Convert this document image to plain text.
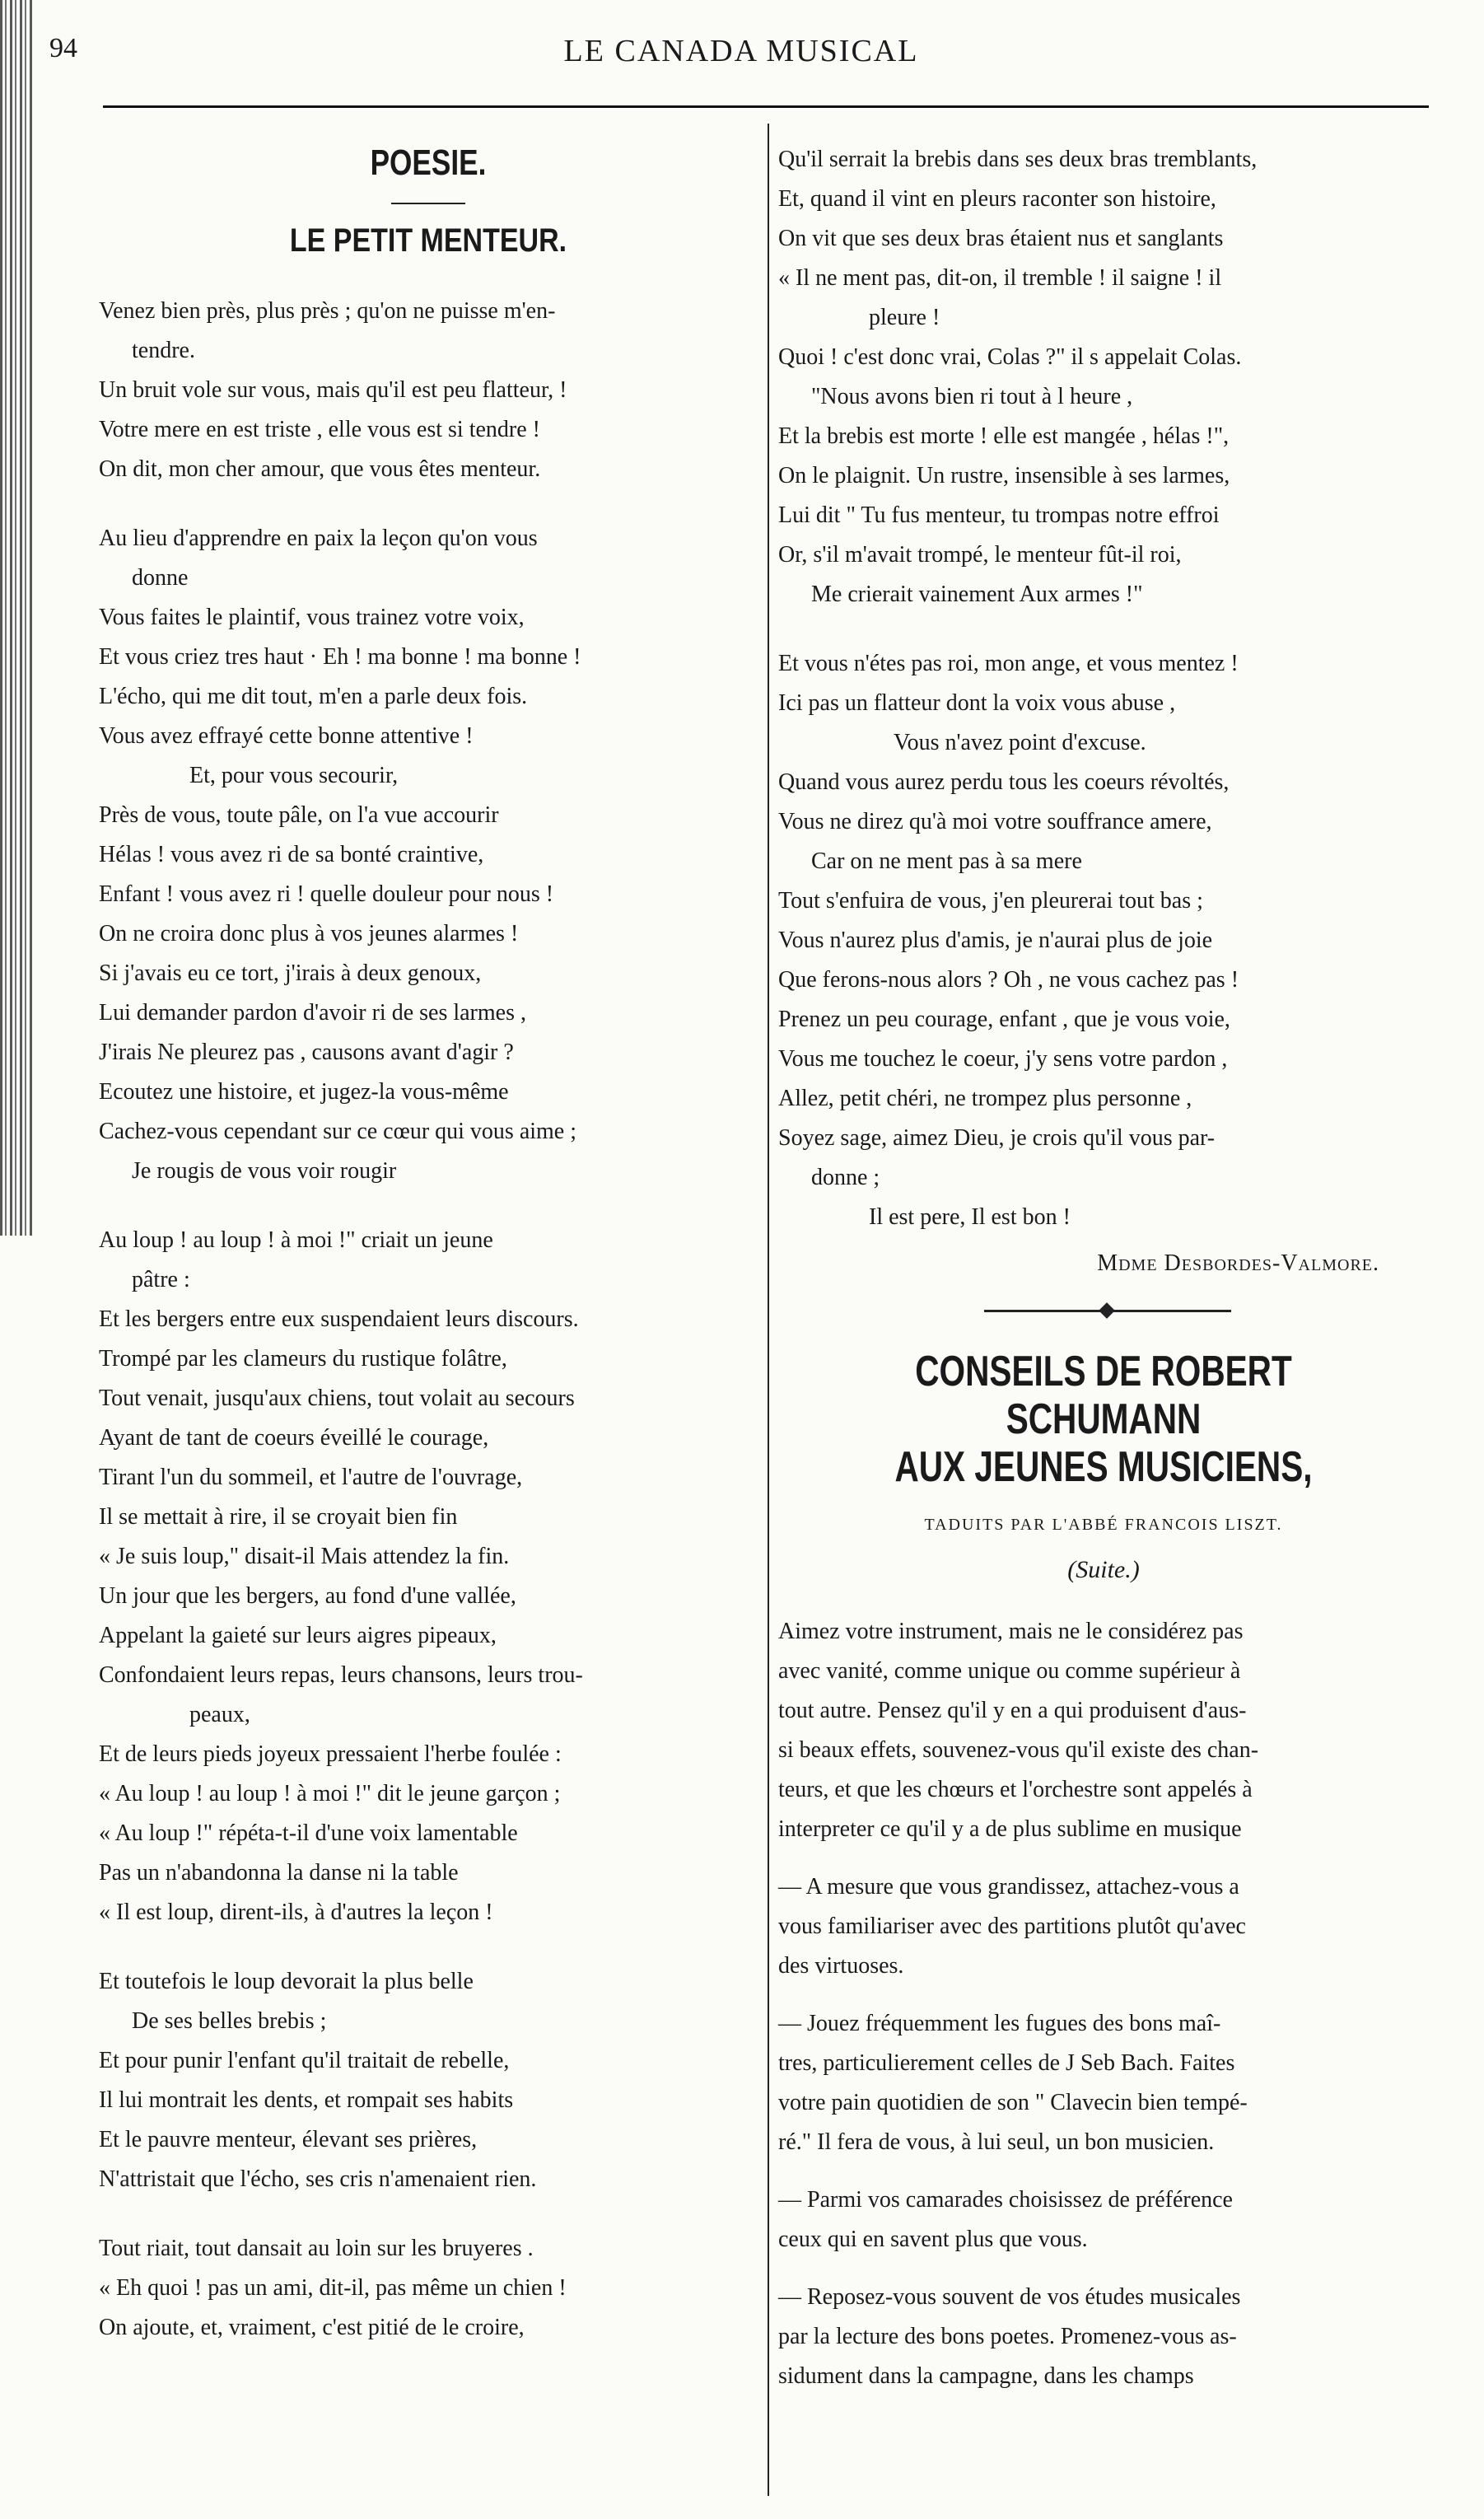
94	LE CANADA MUSICAL
POESIE.
LE PETIT MENTEUR.
Venez bien près, plus près ; qu'on ne puisse m'en-
tendre.
Un bruit vole sur vous, mais qu'il est peu flatteur, !
Votre mere en est triste , elle vous est si tendre !
On dit, mon cher amour, que vous êtes menteur.
Au lieu d'apprendre en paix la leçon qu'on vous
donne
Vous faites le plaintif, vous trainez votre voix,
Et vous criez tres haut · Eh ! ma bonne ! ma bonne !
L'écho, qui me dit tout, m'en a parle deux fois.
Vous avez effrayé cette bonne attentive !
Et, pour vous secourir,
Près de vous, toute pâle, on l'a vue accourir
Hélas ! vous avez ri de sa bonté craintive,
Enfant ! vous avez ri ! quelle douleur pour nous !
On ne croira donc plus à vos jeunes alarmes !
Si j'avais eu ce tort, j'irais à deux genoux,
Lui demander pardon d'avoir ri de ses larmes ,
J'irais Ne pleurez pas , causons avant d'agir ?
Ecoutez une histoire, et jugez-la vous-même
Cachez-vous cependant sur ce cœur qui vous aime ;
Je rougis de vous voir rougir
Au loup ! au loup ! à moi !" criait un jeune
pâtre :
Et les bergers entre eux suspendaient leurs discours.
Trompé par les clameurs du rustique folâtre,
Tout venait, jusqu'aux chiens, tout volait au secours
Ayant de tant de coeurs éveillé le courage,
Tirant l'un du sommeil, et l'autre de l'ouvrage,
Il se mettait à rire, il se croyait bien fin
« Je suis loup," disait-il Mais attendez la fin.
Un jour que les bergers, au fond d'une vallée,
Appelant la gaieté sur leurs aigres pipeaux,
Confondaient leurs repas, leurs chansons, leurs trou-
peaux,
Et de leurs pieds joyeux pressaient l'herbe foulée :
« Au loup ! au loup ! à moi !" dit le jeune garçon ;
« Au loup !" répéta-t-il d'une voix lamentable
Pas un n'abandonna la danse ni la table
« Il est loup, dirent-ils, à d'autres la leçon !
Et toutefois le loup devorait la plus belle
De ses belles brebis ;
Et pour punir l'enfant qu'il traitait de rebelle,
Il lui montrait les dents, et rompait ses habits
Et le pauvre menteur, élevant ses prières,
N'attristait que l'écho, ses cris n'amenaient rien.
Tout riait, tout dansait au loin sur les bruyeres .
« Eh quoi ! pas un ami, dit-il, pas même un chien !
On ajoute, et, vraiment, c'est pitié de le croire,
Qu'il serrait la brebis dans ses deux bras tremblants,
Et, quand il vint en pleurs raconter son histoire,
On vit que ses deux bras étaient nus et sanglants
« Il ne ment pas, dit-on, il tremble ! il saigne ! il
pleure !
Quoi ! c'est donc vrai, Colas ?" il s appelait Colas.
"Nous avons bien ri tout à l heure ,
Et la brebis est morte ! elle est mangée , hélas !",
On le plaignit. Un rustre, insensible à ses larmes,
Lui dit " Tu fus menteur, tu trompas notre effroi
Or, s'il m'avait trompé, le menteur fût-il roi,
Me crierait vainement Aux armes !"
Et vous n'étes pas roi, mon ange, et vous mentez !
Ici pas un flatteur dont la voix vous abuse ,
Vous n'avez point d'excuse.
Quand vous aurez perdu tous les coeurs révoltés,
Vous ne direz qu'à moi votre souffrance amere,
Car on ne ment pas à sa mere
Tout s'enfuira de vous, j'en pleurerai tout bas ;
Vous n'aurez plus d'amis, je n'aurai plus de joie
Que ferons-nous alors ? Oh , ne vous cachez pas !
Prenez un peu courage, enfant , que je vous voie,
Vous me touchez le coeur, j'y sens votre pardon ,
Allez, petit chéri, ne trompez plus personne ,
Soyez sage, aimez Dieu, je crois qu'il vous par-
donne ;
Il est pere, Il est bon !
Mdme Desbordes-Valmore.
CONSEILS DE ROBERT SCHUMANN
AUX JEUNES MUSICIENS,
TADUITS PAR L'ABBÉ FRANCOIS LISZT.
(Suite.)
Aimez votre instrument, mais ne le considérez pas
avec vanité, comme unique ou comme supérieur à
tout autre. Pensez qu'il y en a qui produisent d'aus-
si beaux effets, souvenez-vous qu'il existe des chan-
teurs, et que les chœurs et l'orchestre sont appelés à
interpreter ce qu'il y a de plus sublime en musique
— A mesure que vous grandissez, attachez-vous a
vous familiariser avec des partitions plutôt qu'avec
des virtuoses.
— Jouez fréquemment les fugues des bons maî-
tres, particulierement celles de J Seb Bach. Faites
votre pain quotidien de son " Clavecin bien tempé-
ré." Il fera de vous, à lui seul, un bon musicien.
— Parmi vos camarades choisissez de préférence
ceux qui en savent plus que vous.
— Reposez-vous souvent de vos études musicales
par la lecture des bons poetes. Promenez-vous as-
sidument dans la campagne, dans les champs
